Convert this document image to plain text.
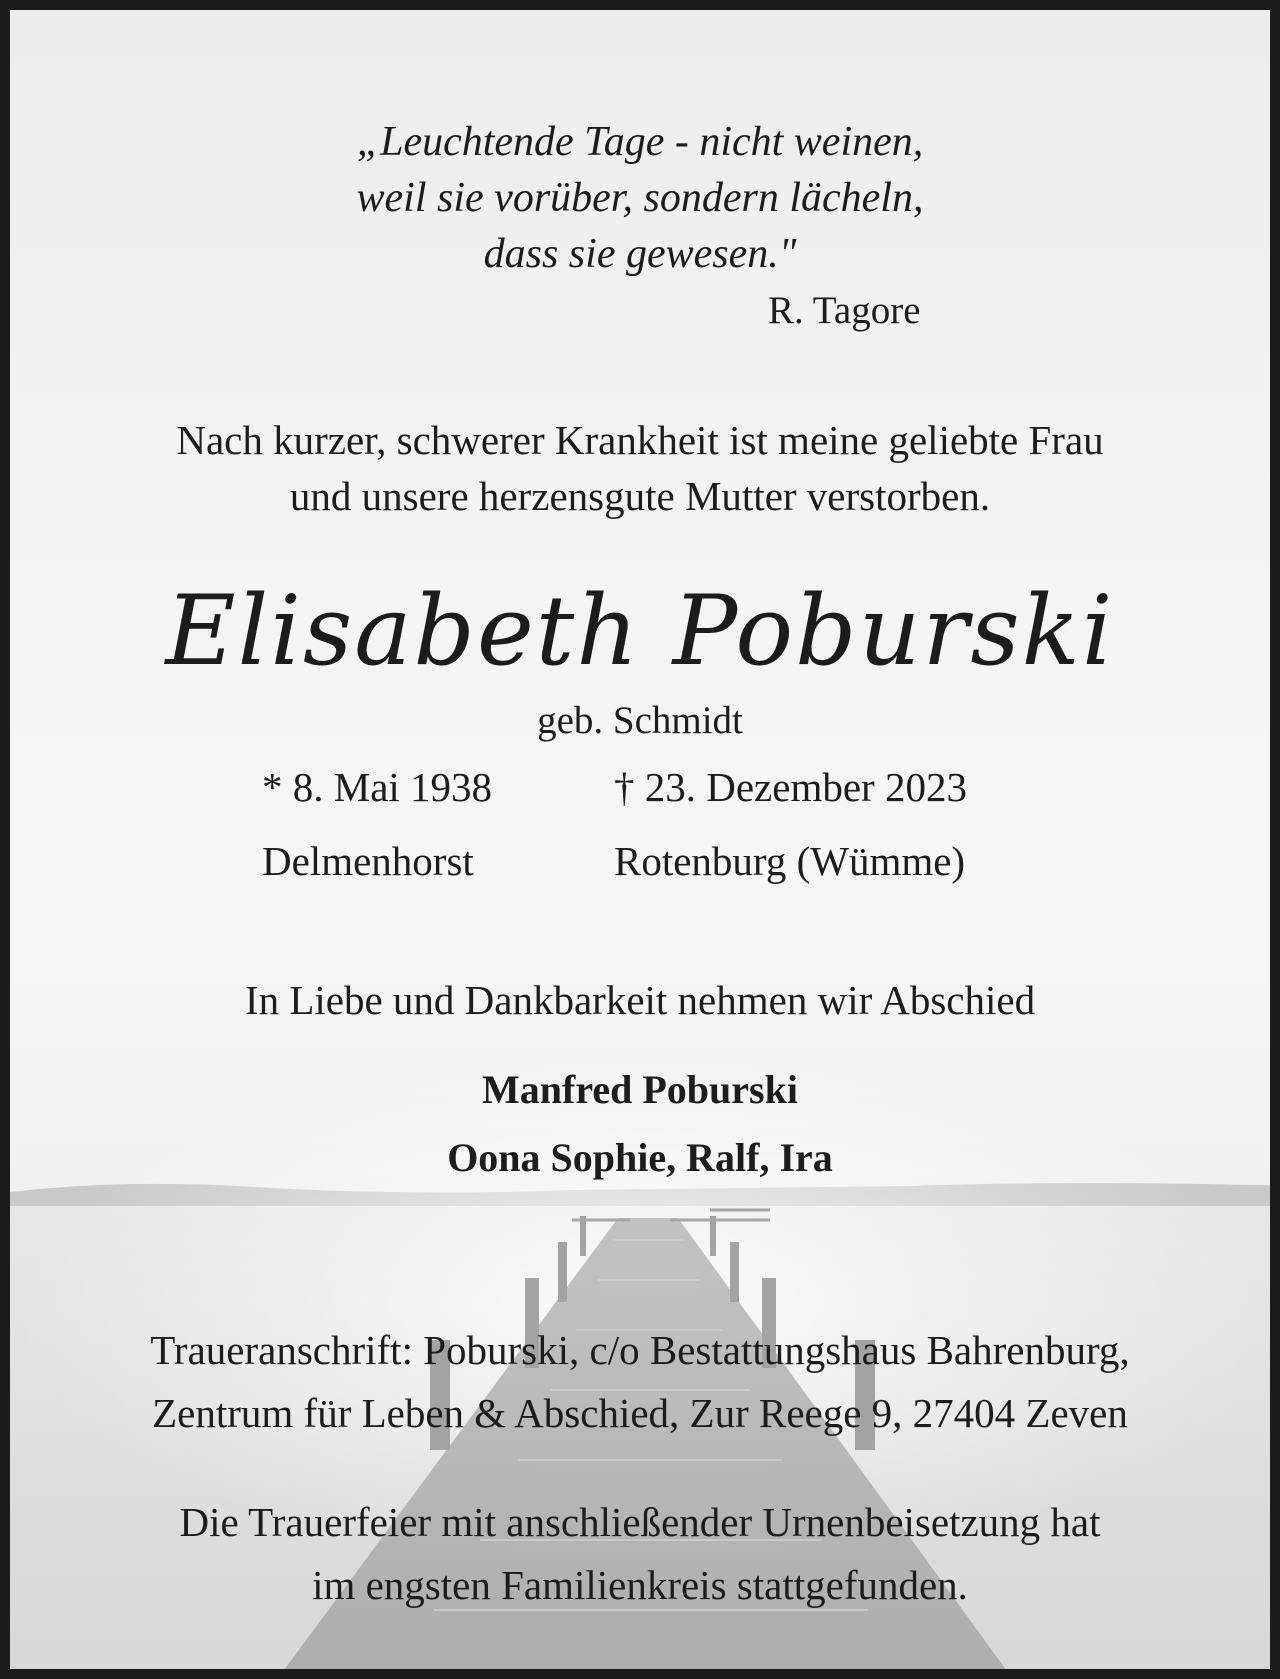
„Leuchtende Tage - nicht weinen,
weil sie vorüber, sondern lächeln,
dass sie gewesen."
R. Tagore
Nach kurzer, schwerer Krankheit ist meine geliebte Frau
und unsere herzensgute Mutter verstorben.
Elisabeth Poburski
geb. Schmidt
* 8. Mai 1938	† 23. Dezember 2023
Delmenhorst	Rotenburg (Wümme)
In Liebe und Dankbarkeit nehmen wir Abschied
Manfred Poburski
Oona Sophie, Ralf, Ira
Traueranschrift: Poburski, c/o Bestattungshaus Bahrenburg,
Zentrum für Leben & Abschied, Zur Reege 9, 27404 Zeven
Die Trauerfeier mit anschließender Urnenbeisetzung hat
im engsten Familienkreis stattgefunden.
